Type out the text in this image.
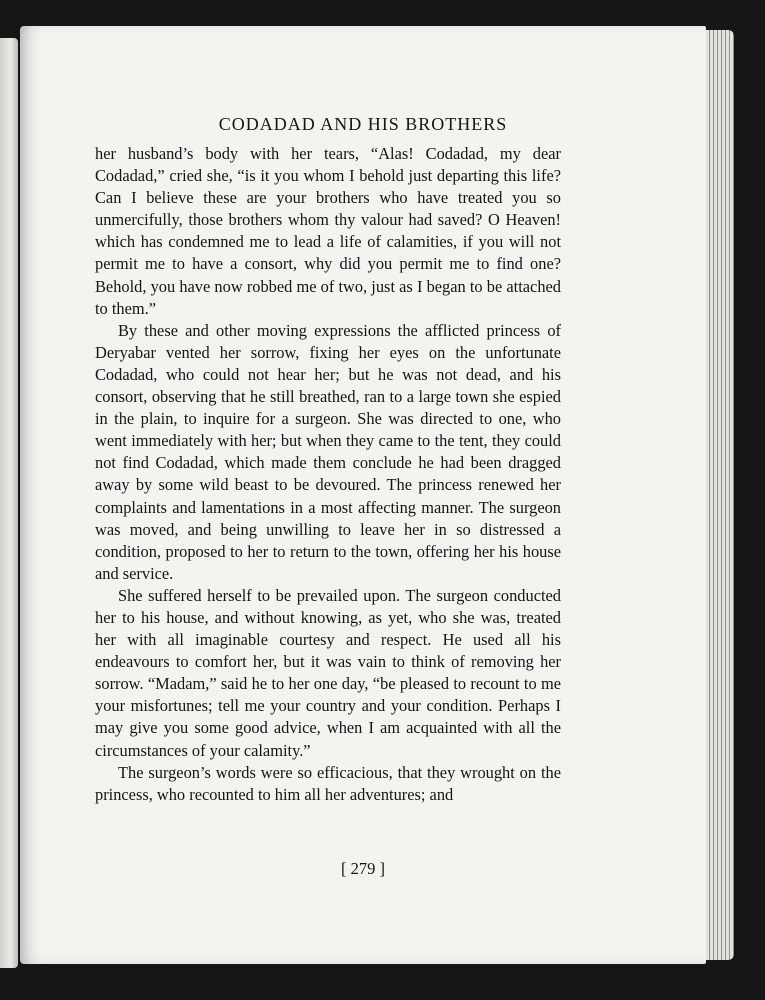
CODADAD AND HIS BROTHERS

her husband’s body with her tears, “Alas! Codadad, my dear Codadad,” cried she, “is it you whom I behold just departing this life? Can I believe these are your brothers who have treated you so unmercifully, those brothers whom thy valour had saved? O Heaven! which has condemned me to lead a life of calamities, if you will not permit me to have a consort, why did you permit me to find one? Behold, you have now robbed me of two, just as I began to be attached to them.”

By these and other moving expressions the afflicted princess of Deryabar vented her sorrow, fixing her eyes on the unfortunate Codadad, who could not hear her; but he was not dead, and his consort, observing that he still breathed, ran to a large town she espied in the plain, to inquire for a surgeon. She was directed to one, who went immediately with her; but when they came to the tent, they could not find Codadad, which made them conclude he had been dragged away by some wild beast to be devoured. The princess renewed her complaints and lamentations in a most affecting manner. The surgeon was moved, and being unwilling to leave her in so distressed a condition, proposed to her to return to the town, offering her his house and service.

She suffered herself to be prevailed upon. The surgeon conducted her to his house, and without knowing, as yet, who she was, treated her with all imaginable courtesy and respect. He used all his endeavours to comfort her, but it was vain to think of removing her sorrow. “Madam,” said he to her one day, “be pleased to recount to me your misfortunes; tell me your country and your condition. Perhaps I may give you some good advice, when I am acquainted with all the circumstances of your calamity.”

The surgeon’s words were so efficacious, that they wrought on the princess, who recounted to him all her adventures; and

[ 279 ]
